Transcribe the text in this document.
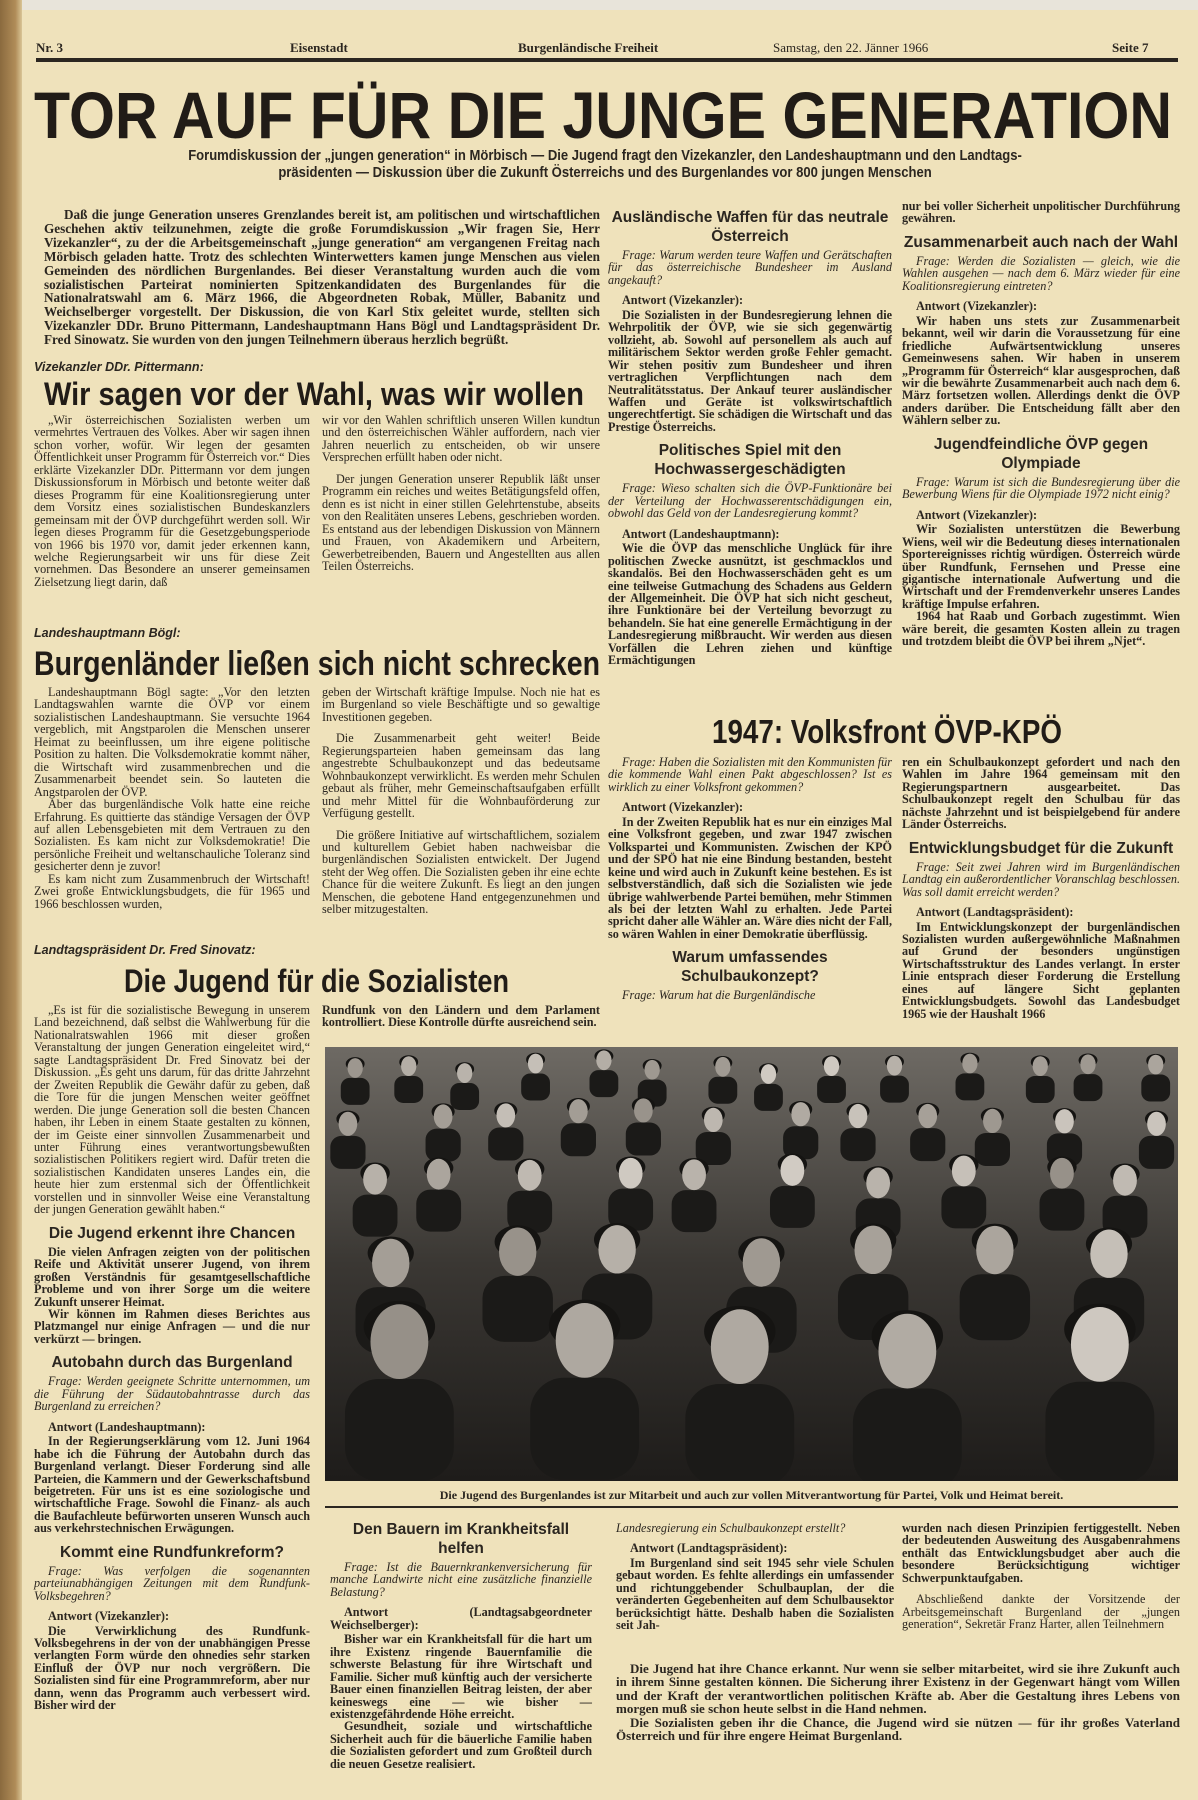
Nr. 3	Eisenstadt	Burgenländische Freiheit	Samstag, den 22. Jänner 1966	Seite 7
TOR AUF FÜR DIE JUNGE GENERATION
Forumdiskussion der „jungen generation“ in Mörbisch — Die Jugend fragt den Vizekanzler, den Landeshauptmann und den Landtags-
präsidenten — Diskussion über die Zukunft Österreichs und des Burgenlandes vor 800 jungen Menschen

Daß die junge Generation unseres Grenzlandes bereit ist, am politischen und wirtschaftlichen Geschehen aktiv teilzunehmen, zeigte die große Forumdiskussion „Wir fragen Sie, Herr Vizekanzler“, zu der die Arbeitsgemeinschaft „junge generation“ am vergangenen Freitag nach Mörbisch geladen hatte. Trotz des schlechten Winterwetters kamen junge Menschen aus vielen Gemeinden des nördlichen Burgenlandes. Bei dieser Veranstaltung wurden auch die vom sozialistischen Parteirat nominierten Spitzenkandidaten des Burgenlandes für die Nationalratswahl am 6. März 1966, die Abgeordneten Robak, Müller, Babanitz und Weichselberger vorgestellt. Der Diskussion, die von Karl Stix geleitet wurde, stellten sich Vizekanzler DDr. Bruno Pittermann, Landeshauptmann Hans Bögl und Landtagspräsident Dr. Fred Sinowatz. Sie wurden von den jungen Teilnehmern überaus herzlich begrüßt.

Vizekanzler DDr. Pittermann:
Wir sagen vor der Wahl, was wir wollen

„Wir österreichischen Sozialisten werben um vermehrtes Vertrauen des Volkes. Aber wir sagen ihnen schon vorher, wofür. Wir legen der gesamten Öffentlichkeit unser Programm für Österreich vor.“ Dies erklärte Vizekanzler DDr. Pittermann vor dem jungen Diskussionsforum in Mörbisch und betonte weiter daß dieses Programm für eine Koalitionsregierung unter dem Vorsitz eines sozialistischen Bundeskanzlers gemeinsam mit der ÖVP durchgeführt werden soll. Wir legen dieses Programm für die Gesetzgebungsperiode von 1966 bis 1970 vor, damit jeder erkennen kann, welche Regierungsarbeit wir uns für diese Zeit vornehmen. Das Besondere an unserer gemeinsamen Zielsetzung liegt darin, daß

wir vor den Wahlen schriftlich unseren Willen kundtun und den österreichischen Wähler auffordern, nach vier Jahren neuerlich zu entscheiden, ob wir unsere Versprechen erfüllt haben oder nicht.

Der jungen Generation unserer Republik läßt unser Programm ein reiches und weites Betätigungsfeld offen, denn es ist nicht in einer stillen Gelehrtenstube, abseits von den Realitäten unseres Lebens, geschrieben worden. Es entstand aus der lebendigen Diskussion von Männern und Frauen, von Akademikern und Arbeitern, Gewerbetreibenden, Bauern und Angestellten aus allen Teilen Österreichs.

Landeshauptmann Bögl:
Burgenländer ließen sich nicht schrecken

Landeshauptmann Bögl sagte: „Vor den letzten Landtagswahlen warnte die ÖVP vor einem sozialistischen Landeshauptmann. Sie versuchte 1964 vergeblich, mit Angstparolen die Menschen unserer Heimat zu beeinflussen, um ihre eigene politische Position zu halten. Die Volksdemokratie kommt näher, die Wirtschaft wird zusammenbrechen und die Zusammenarbeit beendet sein. So lauteten die Angstparolen der ÖVP.

Aber das burgenländische Volk hatte eine reiche Erfahrung. Es quittierte das ständige Versagen der ÖVP auf allen Lebensgebieten mit dem Vertrauen zu den Sozialisten. Es kam nicht zur Volksdemokratie! Die persönliche Freiheit und weltanschauliche Toleranz sind gesicherter denn je zuvor!

Es kam nicht zum Zusammenbruch der Wirtschaft! Zwei große Entwicklungsbudgets, die für 1965 und 1966 beschlossen wurden,

geben der Wirtschaft kräftige Impulse. Noch nie hat es im Burgenland so viele Beschäftigte und so gewaltige Investitionen gegeben.

Die Zusammenarbeit geht weiter! Beide Regierungsparteien haben gemeinsam das lang angestrebte Schulbaukonzept und das bedeutsame Wohnbaukonzept verwirklicht. Es werden mehr Schulen gebaut als früher, mehr Gemeinschaftsaufgaben erfüllt und mehr Mittel für die Wohnbauförderung zur Verfügung gestellt.

Die größere Initiative auf wirtschaftlichem, sozialem und kulturellem Gebiet haben nachweisbar die burgenländischen Sozialisten entwickelt. Der Jugend steht der Weg offen. Die Sozialisten geben ihr eine echte Chance für die weitere Zukunft. Es liegt an den jungen Menschen, die gebotene Hand entgegenzunehmen und selber mitzugestalten.

Landtagspräsident Dr. Fred Sinovatz:
Die Jugend für die Sozialisten

„Es ist für die sozialistische Bewegung in unserem Land bezeichnend, daß selbst die Wahlwerbung für die Nationalratswahlen 1966 mit dieser großen Veranstaltung der jungen Generation eingeleitet wird,“ sagte Landtagspräsident Dr. Fred Sinovatz bei der Diskussion. „Es geht uns darum, für das dritte Jahrzehnt der Zweiten Republik die Gewähr dafür zu geben, daß die Tore für die jungen Menschen weiter geöffnet werden. Die junge Generation soll die besten Chancen haben, ihr Leben in einem Staate gestalten zu können, der im Geiste einer sinnvollen Zusammenarbeit und unter Führung eines verantwortungsbewußten sozialistischen Politikers regiert wird. Dafür treten die sozialistischen Kandidaten unseres Landes ein, die heute hier zum erstenmal sich der Öffentlichkeit vorstellen und in sinnvoller Weise eine Veranstaltung der jungen Generation gewählt haben.“

Die Jugend erkennt ihre Chancen

Die vielen Anfragen zeigten von der politischen Reife und Aktivität unserer Jugend, von ihrem großen Verständnis für gesamtgesellschaftliche Probleme und von ihrer Sorge um die weitere Zukunft unserer Heimat.

Wir können im Rahmen dieses Berichtes aus Platzmangel nur einige Anfragen — und die nur verkürzt — bringen.

Autobahn durch das Burgenland

Frage: Werden geeignete Schritte unternommen, um die Führung der Südautobahntrasse durch das Burgenland zu erreichen?

Antwort (Landeshauptmann):

In der Regierungserklärung vom 12. Juni 1964 habe ich die Führung der Autobahn durch das Burgenland verlangt. Dieser Forderung sind alle Parteien, die Kammern und der Gewerkschaftsbund beigetreten. Für uns ist es eine soziologische und wirtschaftliche Frage. Sowohl die Finanz- als auch die Baufachleute befürworten unseren Wunsch auch aus verkehrstechnischen Erwägungen.

Kommt eine Rundfunkreform?

Frage: Was verfolgen die sogenannten parteiunabhängigen Zeitungen mit dem Rundfunk-Volksbegehren?

Antwort (Vizekanzler):

Die Verwirklichung des Rundfunk-Volksbegehrens in der von der unabhängigen Presse verlangten Form würde den ohnedies sehr starken Einfluß der ÖVP nur noch vergrößern. Die Sozialisten sind für eine Programmreform, aber nur dann, wenn das Programm auch verbessert wird. Bisher wird der

Rundfunk von den Ländern und dem Parlament kontrolliert. Diese Kontrolle dürfte ausreichend sein.

Ausländische Waffen für das neutrale Österreich

Frage: Warum werden teure Waffen und Gerätschaften für das österreichische Bundesheer im Ausland angekauft?

Antwort (Vizekanzler):

Die Sozialisten in der Bundesregierung lehnen die Wehrpolitik der ÖVP, wie sie sich gegenwärtig vollzieht, ab. Sowohl auf personellem als auch auf militärischem Sektor werden große Fehler gemacht. Wir stehen positiv zum Bundesheer und ihren vertraglichen Verpflichtungen nach dem Neutralitätsstatus. Der Ankauf teurer ausländischer Waffen und Geräte ist volkswirtschaftlich ungerechtfertigt. Sie schädigen die Wirtschaft und das Prestige Österreichs.

Politisches Spiel mit den Hochwassergeschädigten

Frage: Wieso schalten sich die ÖVP-Funktionäre bei der Verteilung der Hochwasserentschädigungen ein, obwohl das Geld von der Landesregierung kommt?

Antwort (Landeshauptmann):

Wie die ÖVP das menschliche Unglück für ihre politischen Zwecke ausnützt, ist geschmacklos und skandalös. Bei den Hochwasserschäden geht es um eine teilweise Gutmachung des Schadens aus Geldern der Allgemeinheit. Die ÖVP hat sich nicht gescheut, ihre Funktionäre bei der Verteilung bevorzugt zu behandeln. Sie hat eine generelle Ermächtigung in der Landesregierung mißbraucht. Wir werden aus diesen Vorfällen die Lehren ziehen und künftige Ermächtigungen

nur bei voller Sicherheit unpolitischer Durchführung gewähren.

Zusammenarbeit auch nach der Wahl

Frage: Werden die Sozialisten — gleich, wie die Wahlen ausgehen — nach dem 6. März wieder für eine Koalitionsregierung eintreten?

Antwort (Vizekanzler):

Wir haben uns stets zur Zusammenarbeit bekannt, weil wir darin die Voraussetzung für eine friedliche Aufwärtsentwicklung unseres Gemeinwesens sahen. Wir haben in unserem „Programm für Österreich“ klar ausgesprochen, daß wir die bewährte Zusammenarbeit auch nach dem 6. März fortsetzen wollen. Allerdings denkt die ÖVP anders darüber. Die Entscheidung fällt aber den Wählern selber zu.

Jugendfeindliche ÖVP gegen Olympiade

Frage: Warum ist sich die Bundesregierung über die Bewerbung Wiens für die Olympiade 1972 nicht einig?

Antwort (Vizekanzler):

Wir Sozialisten unterstützen die Bewerbung Wiens, weil wir die Bedeutung dieses internationalen Sportereignisses richtig würdigen. Österreich würde über Rundfunk, Fernsehen und Presse eine gigantische internationale Aufwertung und die Wirtschaft und der Fremdenverkehr unseres Landes kräftige Impulse erfahren.

1964 hat Raab und Gorbach zugestimmt. Wien wäre bereit, die gesamten Kosten allein zu tragen und trotzdem bleibt die ÖVP bei ihrem „Njet“.

1947: Volksfront ÖVP-KPÖ

Frage: Haben die Sozialisten mit den Kommunisten für die kommende Wahl einen Pakt abgeschlossen? Ist es wirklich zu einer Volksfront gekommen?

Antwort (Vizekanzler):

In der Zweiten Republik hat es nur ein einziges Mal eine Volksfront gegeben, und zwar 1947 zwischen Volkspartei und Kommunisten. Zwischen der KPÖ und der SPÖ hat nie eine Bindung bestanden, besteht keine und wird auch in Zukunft keine bestehen. Es ist selbstverständlich, daß sich die Sozialisten wie jede übrige wahlwerbende Partei bemühen, mehr Stimmen als bei der letzten Wahl zu erhalten. Jede Partei spricht daher alle Wähler an. Wäre dies nicht der Fall, so wären Wahlen in einer Demokratie überflüssig.

Warum umfassendes Schulbaukonzept?

Frage: Warum hat die Burgenländische

ren ein Schulbaukonzept gefordert und nach den Wahlen im Jahre 1964 gemeinsam mit den Regierungspartnern ausgearbeitet. Das Schulbaukonzept regelt den Schulbau für das nächste Jahrzehnt und ist beispielgebend für andere Länder Österreichs.

Entwicklungsbudget für die Zukunft

Frage: Seit zwei Jahren wird im Burgenländischen Landtag ein außerordentlicher Voranschlag beschlossen. Was soll damit erreicht werden?

Antwort (Landtagspräsident):

Im Entwicklungskonzept der burgenländischen Sozialisten wurden außergewöhnliche Maßnahmen auf Grund der besonders ungünstigen Wirtschaftsstruktur des Landes verlangt. In erster Linie entsprach dieser Forderung die Erstellung eines auf längere Sicht geplanten Entwicklungsbudgets. Sowohl das Landesbudget 1965 wie der Haushalt 1966

Die Jugend des Burgenlandes ist zur Mitarbeit und auch zur vollen Mitverantwortung für Partei, Volk und Heimat bereit.

Den Bauern im Krankheitsfall helfen

Frage: Ist die Bauernkrankenversicherung für manche Landwirte nicht eine zusätzliche finanzielle Belastung?

Antwort (Landtagsabgeordneter Weichselberger):

Bisher war ein Krankheitsfall für die hart um ihre Existenz ringende Bauernfamilie die schwerste Belastung für ihre Wirtschaft und Familie. Sicher muß künftig auch der versicherte Bauer einen finanziellen Beitrag leisten, der aber keineswegs eine — wie bisher — existenzgefährdende Höhe erreicht.

Gesundheit, soziale und wirtschaftliche Sicherheit auch für die bäuerliche Familie haben die Sozialisten gefordert und zum Großteil durch die neuen Gesetze realisiert.

Landesregierung ein Schulbaukonzept erstellt?

Antwort (Landtagspräsident):

Im Burgenland sind seit 1945 sehr viele Schulen gebaut worden. Es fehlte allerdings ein umfassender und richtunggebender Schulbauplan, der die veränderten Gegebenheiten auf dem Schulbausektor berücksichtigt hätte. Deshalb haben die Sozialisten seit Jah-

wurden nach diesen Prinzipien fertiggestellt. Neben der bedeutenden Ausweitung des Ausgabenrahmens enthält das Entwicklungsbudget aber auch die besondere Berücksichtigung wichtiger Schwerpunktaufgaben.

Abschließend dankte der Vorsitzende der Arbeitsgemeinschaft Burgenland der „jungen generation“, Sekretär Franz Harter, allen Teilnehmern

Die Jugend hat ihre Chance erkannt. Nur wenn sie selber mitarbeitet, wird sie ihre Zukunft auch in ihrem Sinne gestalten können. Die Sicherung ihrer Existenz in der Gegenwart hängt vom Willen und der Kraft der verantwortlichen politischen Kräfte ab. Aber die Gestaltung ihres Lebens von morgen muß sie schon heute selbst in die Hand nehmen.

Die Sozialisten geben ihr die Chance, die Jugend wird sie nützen — für ihr großes Vaterland Österreich und für ihre engere Heimat Burgenland.
